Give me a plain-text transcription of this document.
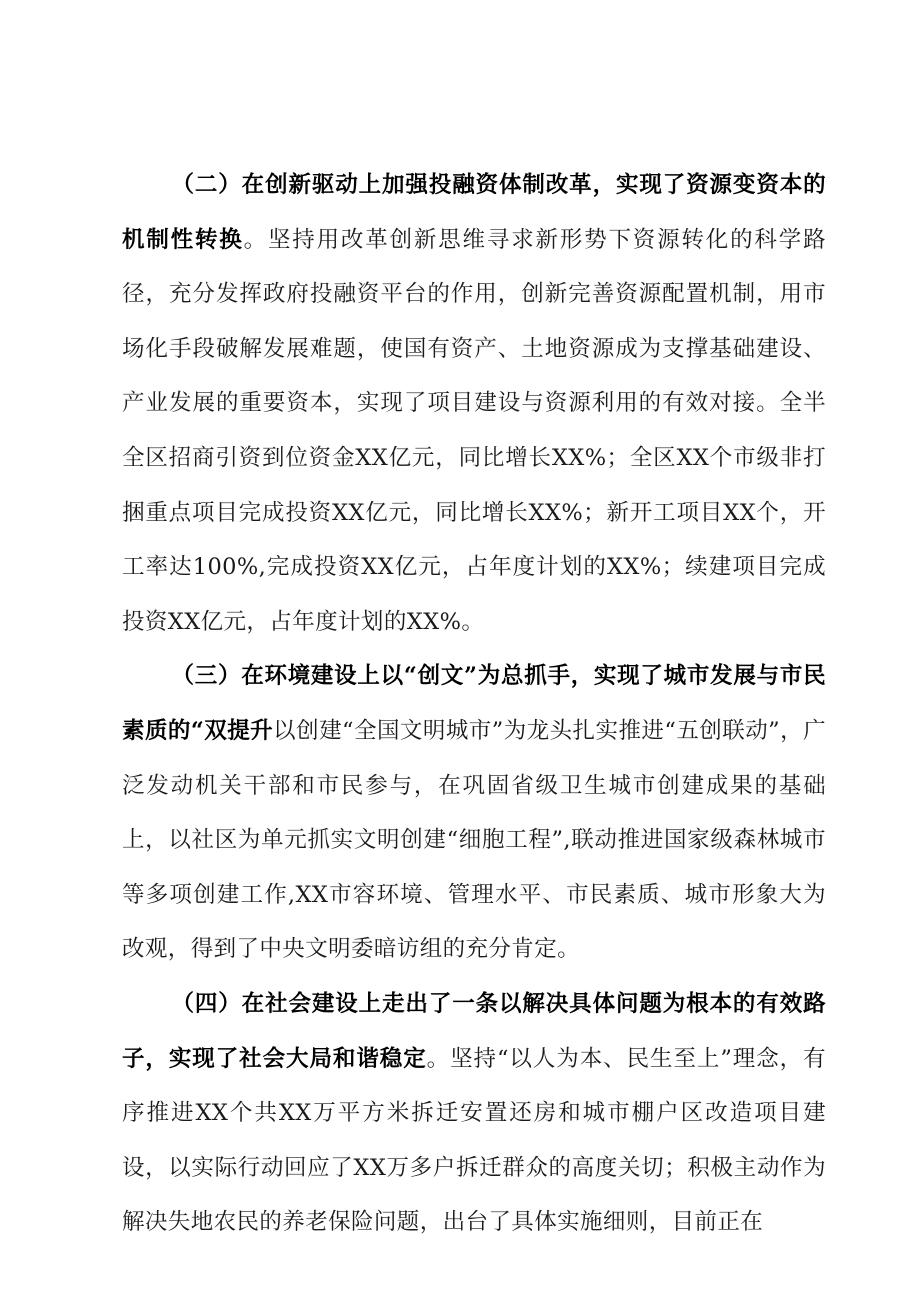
（二）在创新驱动上加强投融资体制改革，实现了资源变资本的机制性转换。坚持用改革创新思维寻求新形势下资源转化的科学路径，充分发挥政府投融资平台的作用，创新完善资源配置机制，用市场化手段破解发展难题，使国有资产、土地资源成为支撑基础建设、产业发展的重要资本，实现了项目建设与资源利用的有效对接。全半全区招商引资到位资金XX亿元，同比增长XX%；全区XX个市级非打捆重点项目完成投资XX亿元，同比增长XX%；新开工项目XX个，开工率达100%,完成投资XX亿元，占年度计划的XX%；续建项目完成投资XX亿元，占年度计划的XX%。

（三）在环境建设上以“创文”为总抓手，实现了城市发展与市民素质的“双提升以创建“全国文明城市”为龙头扎实推进“五创联动”，广泛发动机关干部和市民参与，在巩固省级卫生城市创建成果的基础上，以社区为单元抓实文明创建“细胞工程”,联动推进国家级森林城市等多项创建工作,XX市容环境、管理水平、市民素质、城市形象大为改观，得到了中央文明委暗访组的充分肯定。

（四）在社会建设上走出了一条以解决具体问题为根本的有效路子，实现了社会大局和谐稳定。坚持“以人为本、民生至上”理念，有序推进XX个共XX万平方米拆迁安置还房和城市棚户区改造项目建设，以实际行动回应了XX万多户拆迁群众的高度关切；积极主动作为解决失地农民的养老保险问题，出台了具体实施细则，目前正在
